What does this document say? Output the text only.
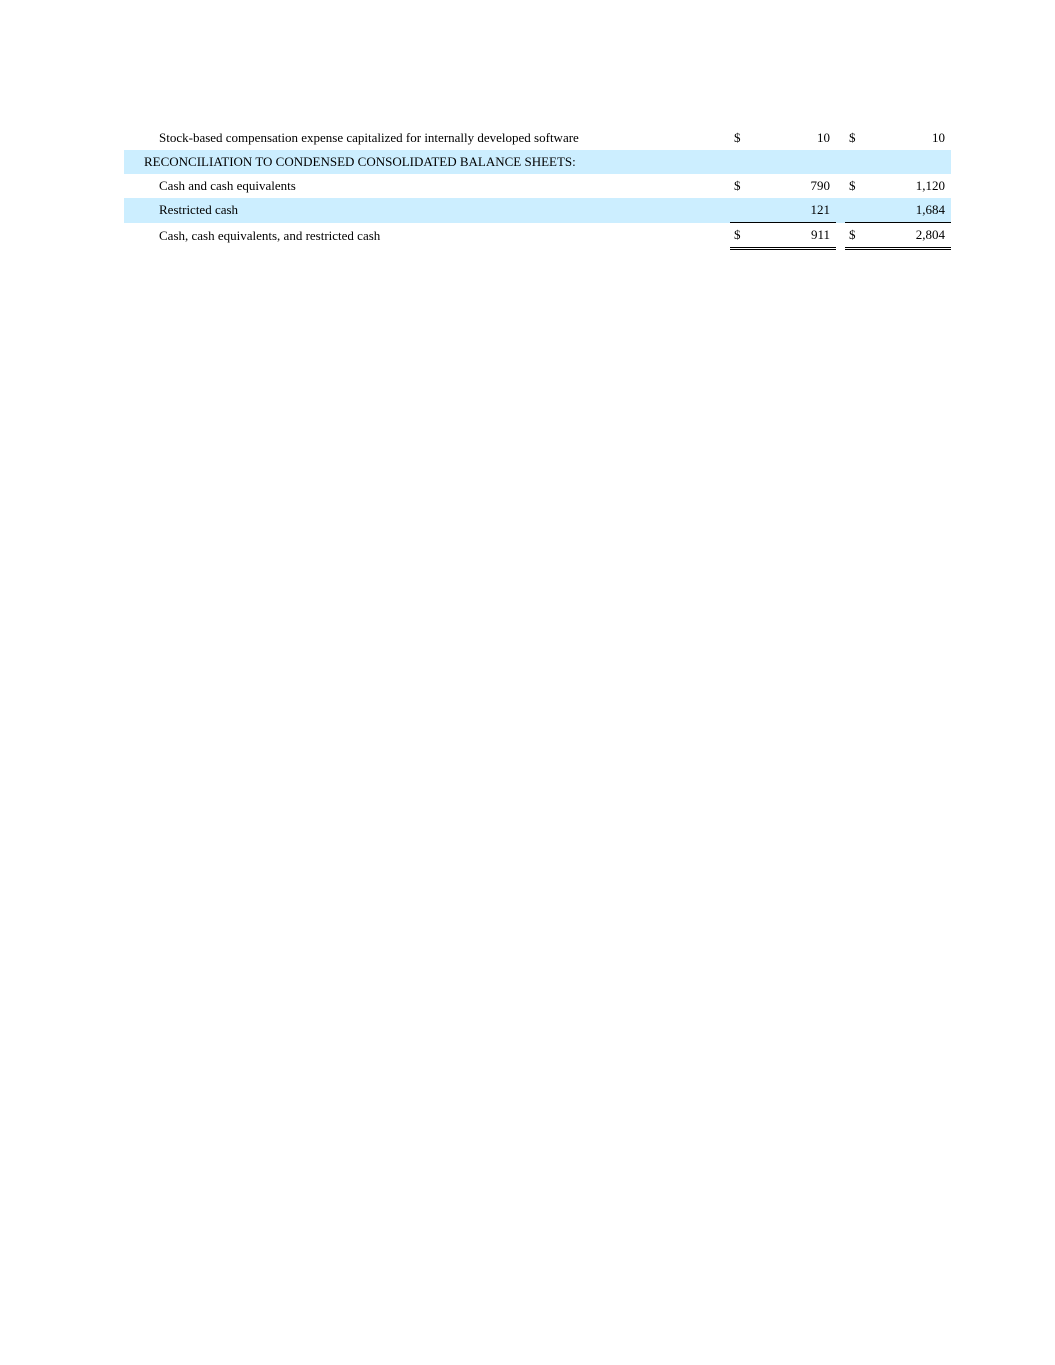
Stock-based compensation expense capitalized for internally developed software		$	10		$	10
RECONCILIATION TO CONDENSED CONSOLIDATED BALANCE SHEETS:						
Cash and cash equivalents		$	790		$	1,120
Restricted cash			121			1,684
Cash, cash equivalents, and restricted cash		$	911		$	2,804
